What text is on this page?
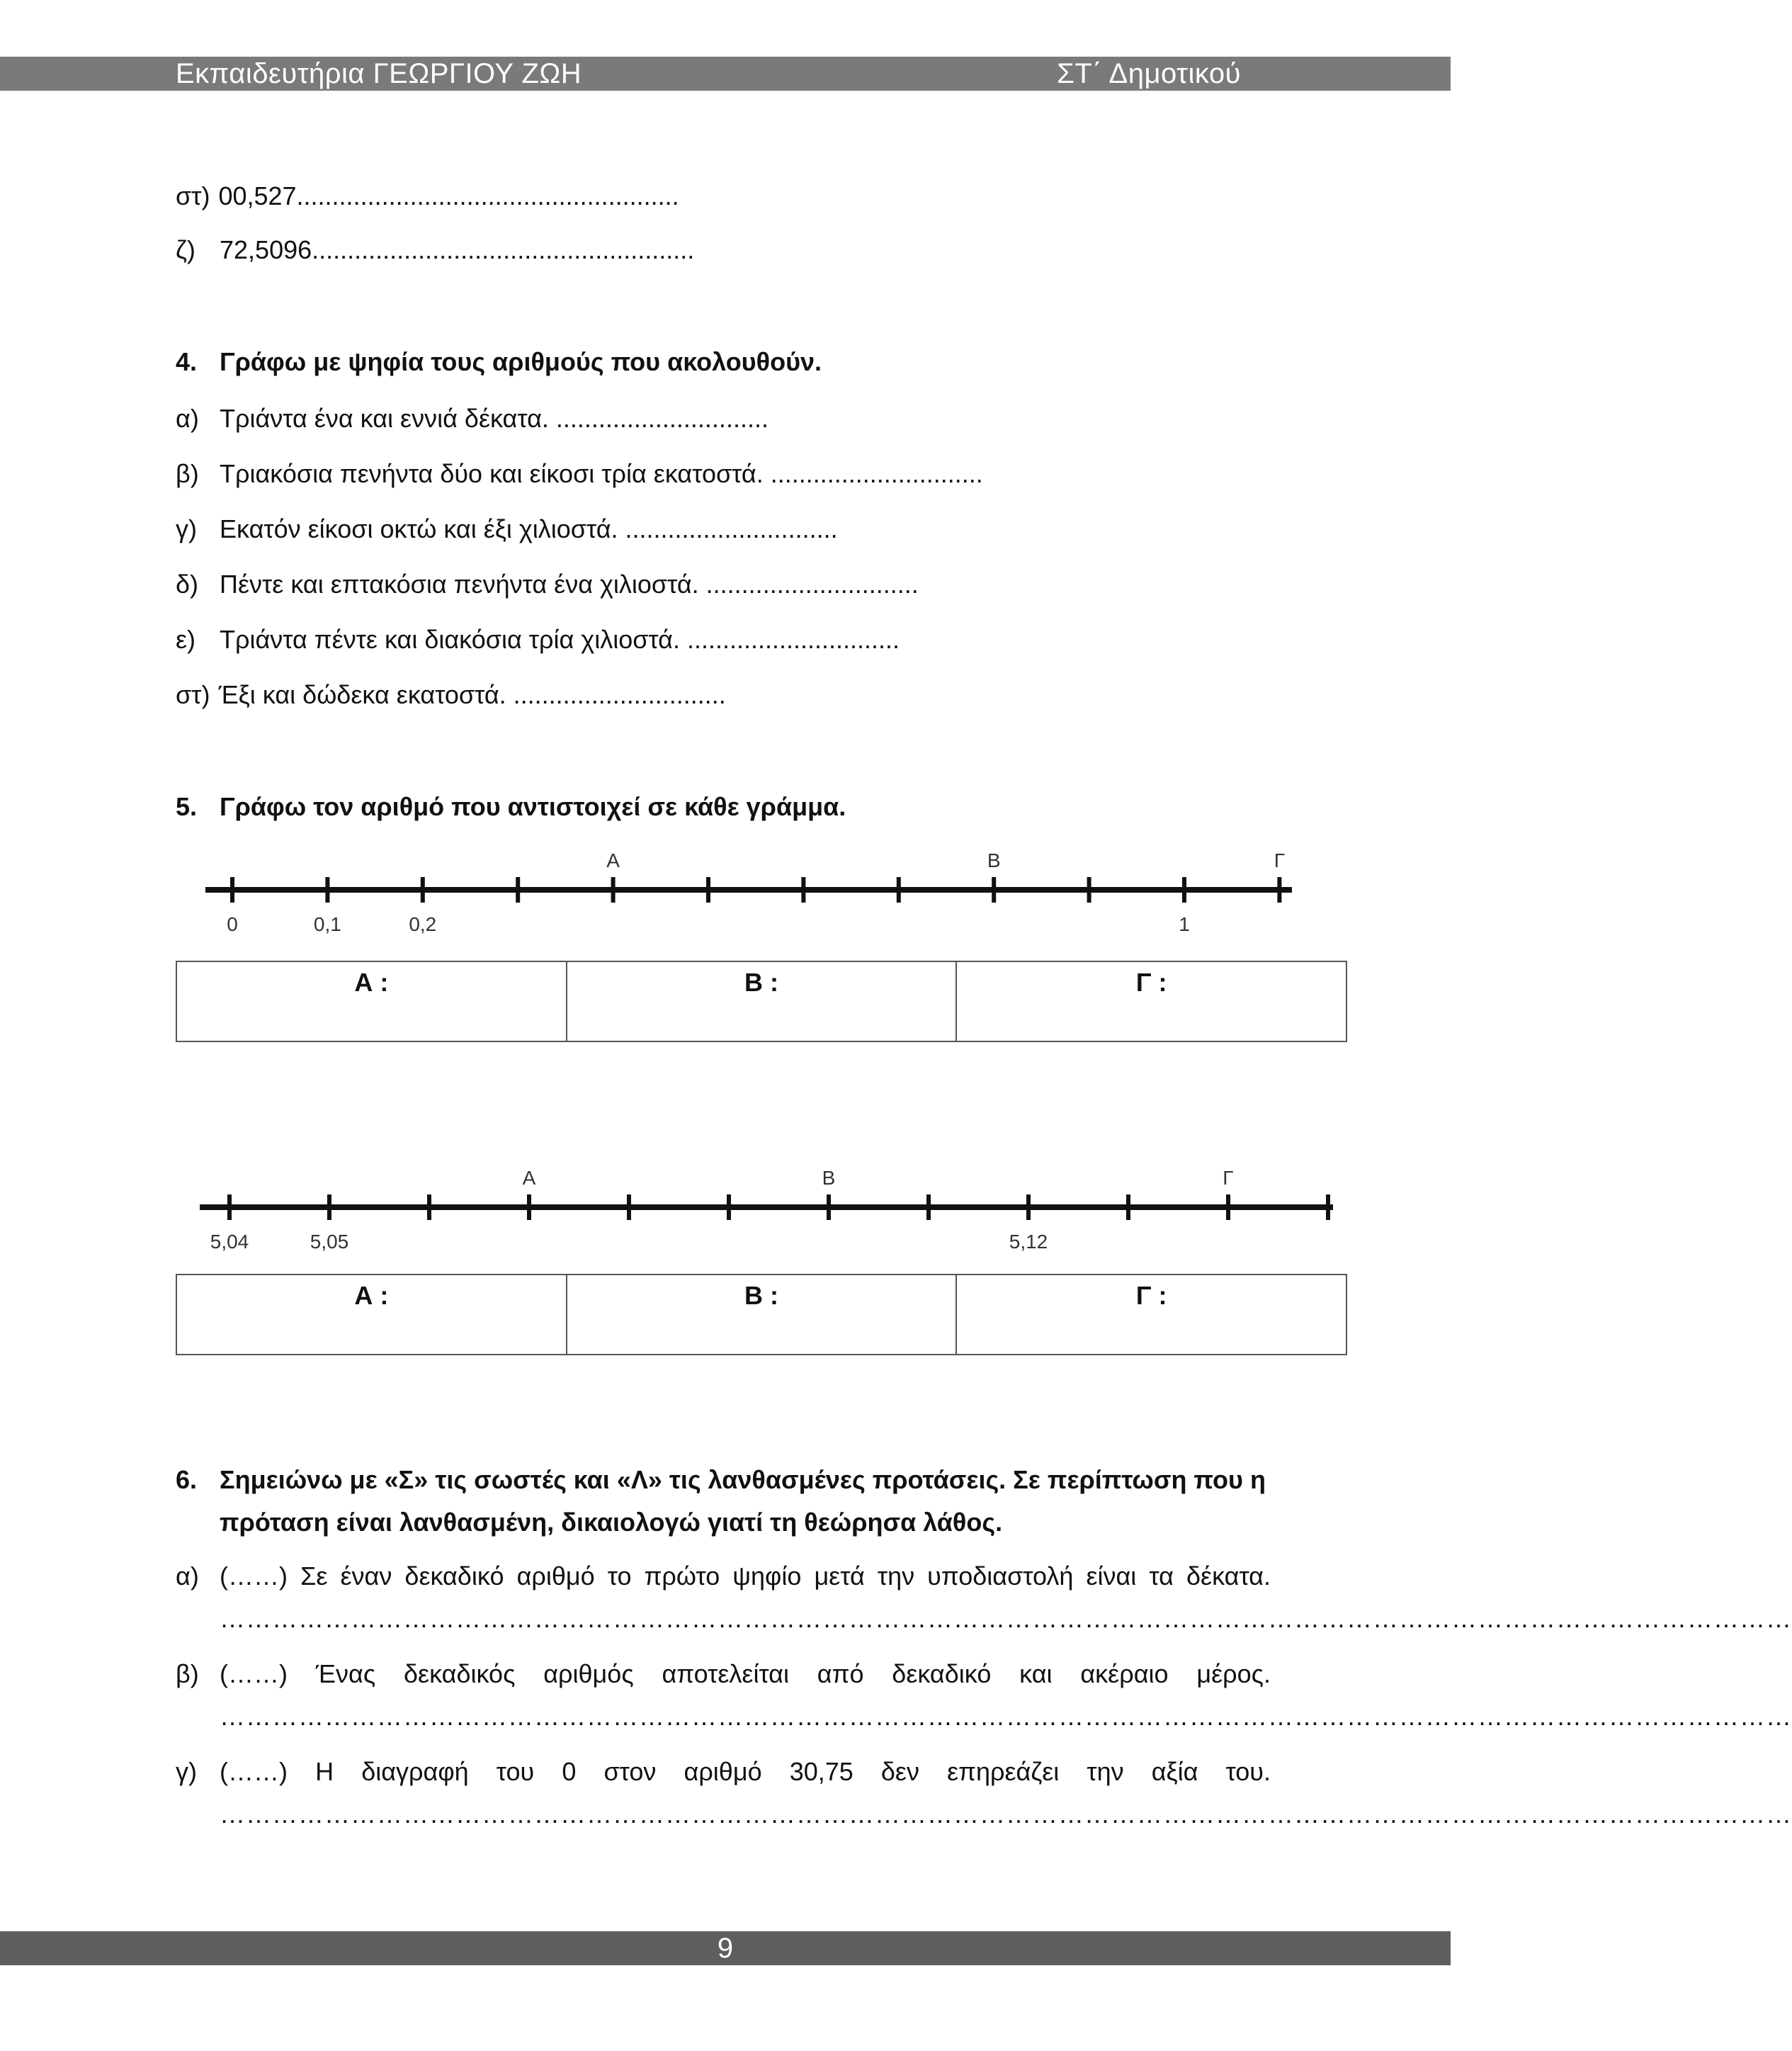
Εκπαιδευτήρια ΓΕΩΡΓΙΟΥ ΖΩΗ	ΣΤ΄ Δημοτικού
στ) 00,527......................................................
ζ) 72,5096......................................................
4. Γράφω με ψηφία τους αριθμούς που ακολουθούν.
α) Τριάντα ένα και εννιά δέκατα. ..............................
β) Τριακόσια πενήντα δύο και είκοσι τρία εκατοστά. ..............................
γ) Εκατόν είκοσι οκτώ και έξι χιλιοστά. ..............................
δ) Πέντε και επτακόσια πενήντα ένα χιλιοστά. ..............................
ε) Τριάντα πέντε και διακόσια τρία χιλιοστά. ..............................
στ) Έξι και δώδεκα εκατοστά. ..............................
5. Γράφω τον αριθμό που αντιστοιχεί σε κάθε γράμμα.
Α	Β	Γ
0	0,1	0,2	1
Α :	Β :	Γ :
Α	Β	Γ
5,04	5,05	5,12
Α :	Β :	Γ :
6. Σημειώνω με «Σ» τις σωστές και «Λ» τις λανθασμένες προτάσεις. Σε περίπτωση που η
πρόταση είναι λανθασμένη, δικαιολογώ γιατί τη θεώρησα λάθος.
α) (……) Σε έναν δεκαδικό αριθμό το πρώτο ψηφίο μετά την υποδιαστολή είναι τα δέκατα.
………………………………………………………………………………………………………………………………………………………………
β) (……) Ένας δεκαδικός αριθμός αποτελείται από δεκαδικό και ακέραιο μέρος.
………………………………………………………………………………………………………………………………………………………………
γ) (……) Η διαγραφή του 0 στον αριθμό 30,75 δεν επηρεάζει την αξία του.
………………………………………………………………………………………………………………………………………………………………
9
